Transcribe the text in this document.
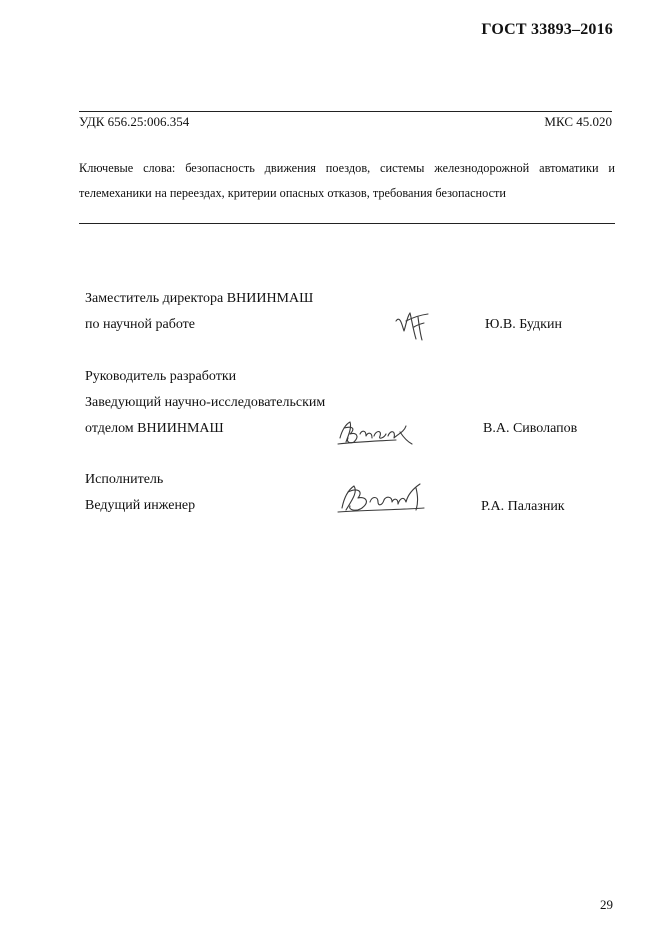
ГОСТ 33893–2016
УДК 656.25:006.354	МКС 45.020
Ключевые слова: безопасность движения поездов, системы железнодорожной автоматики и телемеханики на переездах, критерии опасных отказов, требования безопасности
Заместитель директора ВНИИНМАШ
по научной работе	Ю.В. Будкин
Руководитель разработки
Заведующий научно-исследовательским
отделом ВНИИНМАШ	В.А. Сиволапов
Исполнитель
Ведущий инженер	Р.А. Палазник
29
